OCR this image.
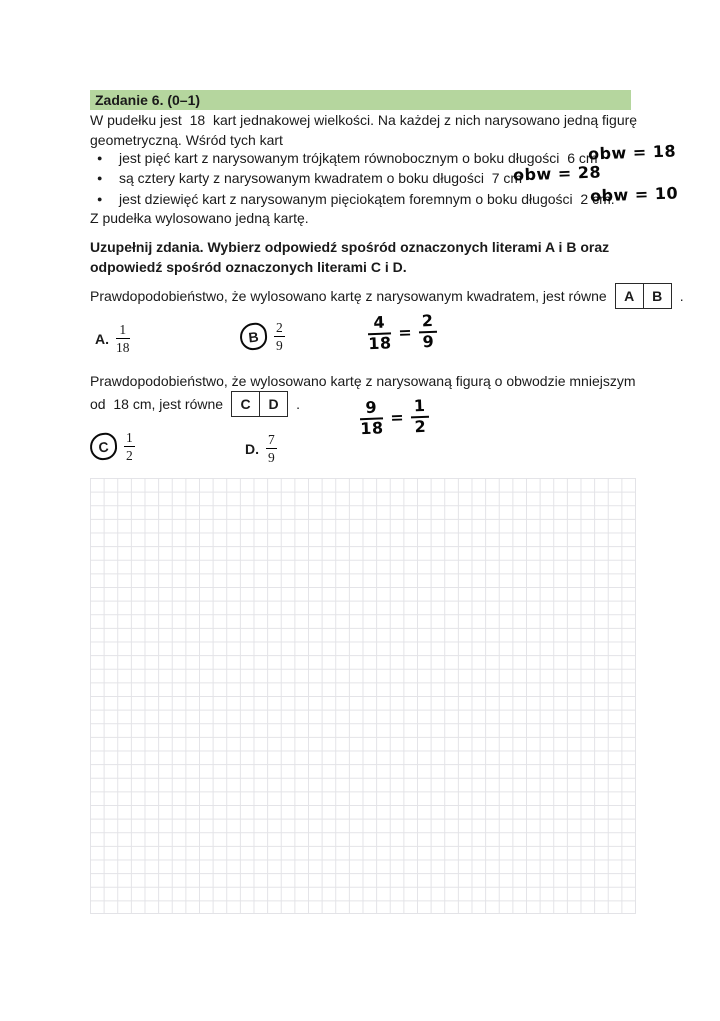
Zadanie 6. (0–1)
W pudełku jest  18  kart jednakowej wielkości. Na każdej z nich narysowano jedną figurę
geometryczną. Wśród tych kart
●	jest pięć kart z narysowanym trójkątem równobocznym o boku długości  6 cm
●	są cztery karty z narysowanym kwadratem o boku długości  7 cm
●	jest dziewięć kart z narysowanym pięciokątem foremnym o boku długości  2 cm.
obw = 18
obw = 28
obw = 10
Z pudełka wylosowano jedną kartę.
Uzupełnij zdania. Wybierz odpowiedź spośród oznaczonych literami A i B oraz
odpowiedź spośród oznaczonych literami C i D.
Prawdopodobieństwo, że wylosowano kartę z narysowanym kwadratem, jest równe	A	B	.
A. $\frac{1}{18}$	B	$\frac{2}{9}$	$\frac{4}{18} = \frac{2}{9}$
Prawdopodobieństwo, że wylosowano kartę z narysowaną figurą o obwodzie mniejszym
od  18 cm, jest równe	C	D	.	$\frac{9}{18} = \frac{1}{2}$
C	$\frac{1}{2}$	D. $\frac{7}{9}$
